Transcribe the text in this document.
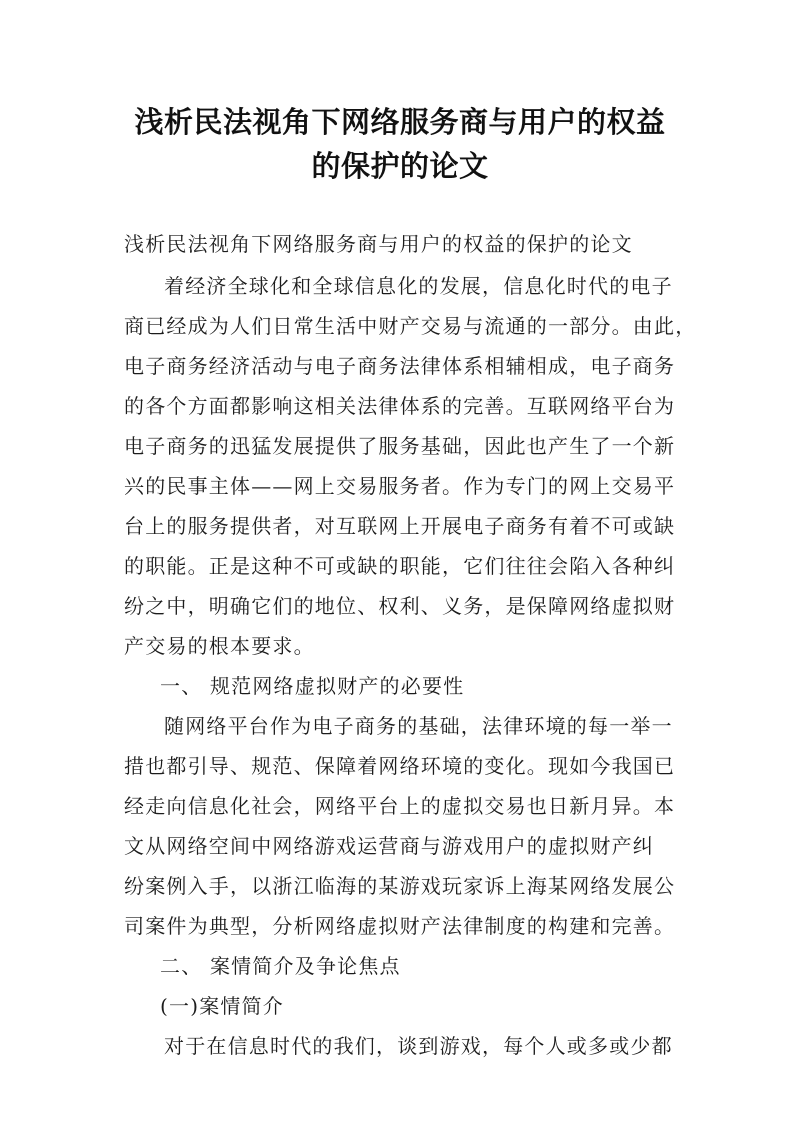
浅析民法视角下网络服务商与用户的权益
的保护的论文
浅析民法视角下网络服务商与用户的权益的保护的论文
着经济全球化和全球信息化的发展，信息化时代的电子
商已经成为人们日常生活中财产交易与流通的一部分。由此，
电子商务经济活动与电子商务法律体系相辅相成，电子商务
的各个方面都影响这相关法律体系的完善。互联网络平台为
电子商务的迅猛发展提供了服务基础，因此也产生了一个新
兴的民事主体——网上交易服务者。作为专门的网上交易平
台上的服务提供者，对互联网上开展电子商务有着不可或缺
的职能。正是这种不可或缺的职能，它们往往会陷入各种纠
纷之中，明确它们的地位、权利、义务，是保障网络虚拟财
产交易的根本要求。
一、 规范网络虚拟财产的必要性
随网络平台作为电子商务的基础，法律环境的每一举一
措也都引导、规范、保障着网络环境的变化。现如今我国已
经走向信息化社会，网络平台上的虚拟交易也日新月异。本
文从网络空间中网络游戏运营商与游戏用户的虚拟财产纠
纷案例入手，以浙江临海的某游戏玩家诉上海某网络发展公
司案件为典型，分析网络虚拟财产法律制度的构建和完善。
二、 案情简介及争论焦点
(一)案情简介
对于在信息时代的我们，谈到游戏，每个人或多或少都
